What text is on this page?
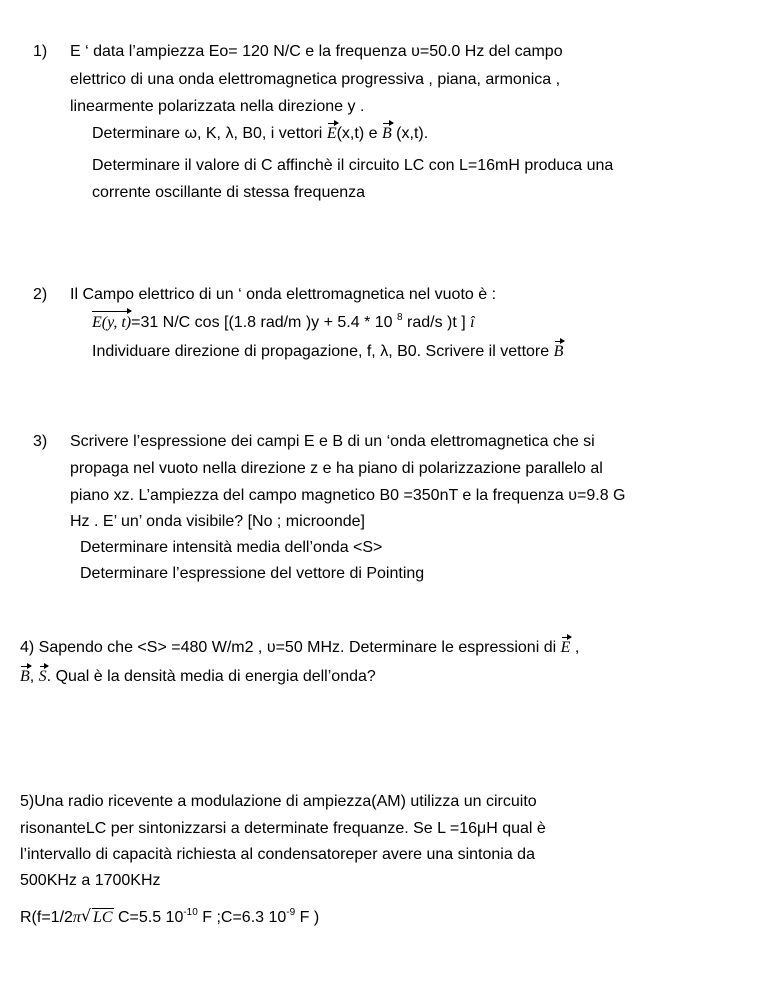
1) E ‘ data l’ampiezza Eo= 120 N/C e la frequenza υ=50.0 Hz del campo
elettrico di una onda elettromagnetica progressiva , piana, armonica ,
linearmente polarizzata nella direzione y .
Determinare ω, K, λ, B0, i vettori E(x,t) e B (x,t).
Determinare il valore di C affinchè il circuito LC con L=16mH produca una
corrente oscillante di stessa frequenza
2) Il Campo elettrico di un ‘ onda elettromagnetica nel vuoto è :
E(y, t)=31 N/C cos [(1.8 rad/m )y + 5.4 * 10 $^8$ rad/s )t ] î
Individuare direzione di propagazione, f, λ, B0. Scrivere il vettore B
3) Scrivere l’espressione dei campi E e B di un ‘onda elettromagnetica che si
propaga nel vuoto nella direzione z e ha piano di polarizzazione parallelo al
piano xz. L’ampiezza del campo magnetico B0 =350nT e la frequenza υ=9.8 G
Hz . E’ un’ onda visibile? [No ; microonde]
Determinare intensità media dell’onda <S>
Determinare l’espressione del vettore di Pointing
4) Sapendo che <S> =480 W/m2 , υ=50 MHz. Determinare le espressioni di E ,
B, S. Qual è la densità media di energia dell’onda?
5)Una radio ricevente a modulazione di ampiezza(AM) utilizza un circuito
risonanteLC per sintonizzarsi a determinate frequanze. Se L =16μH qual è
l’intervallo di capacità richiesta al condensatoreper avere una sintonia da
500KHz a 1700KHz
R(f=1/2π √ LC C=5.5 $10^{-10}$ F ;C=6.3 $10^{-9}$ F )
